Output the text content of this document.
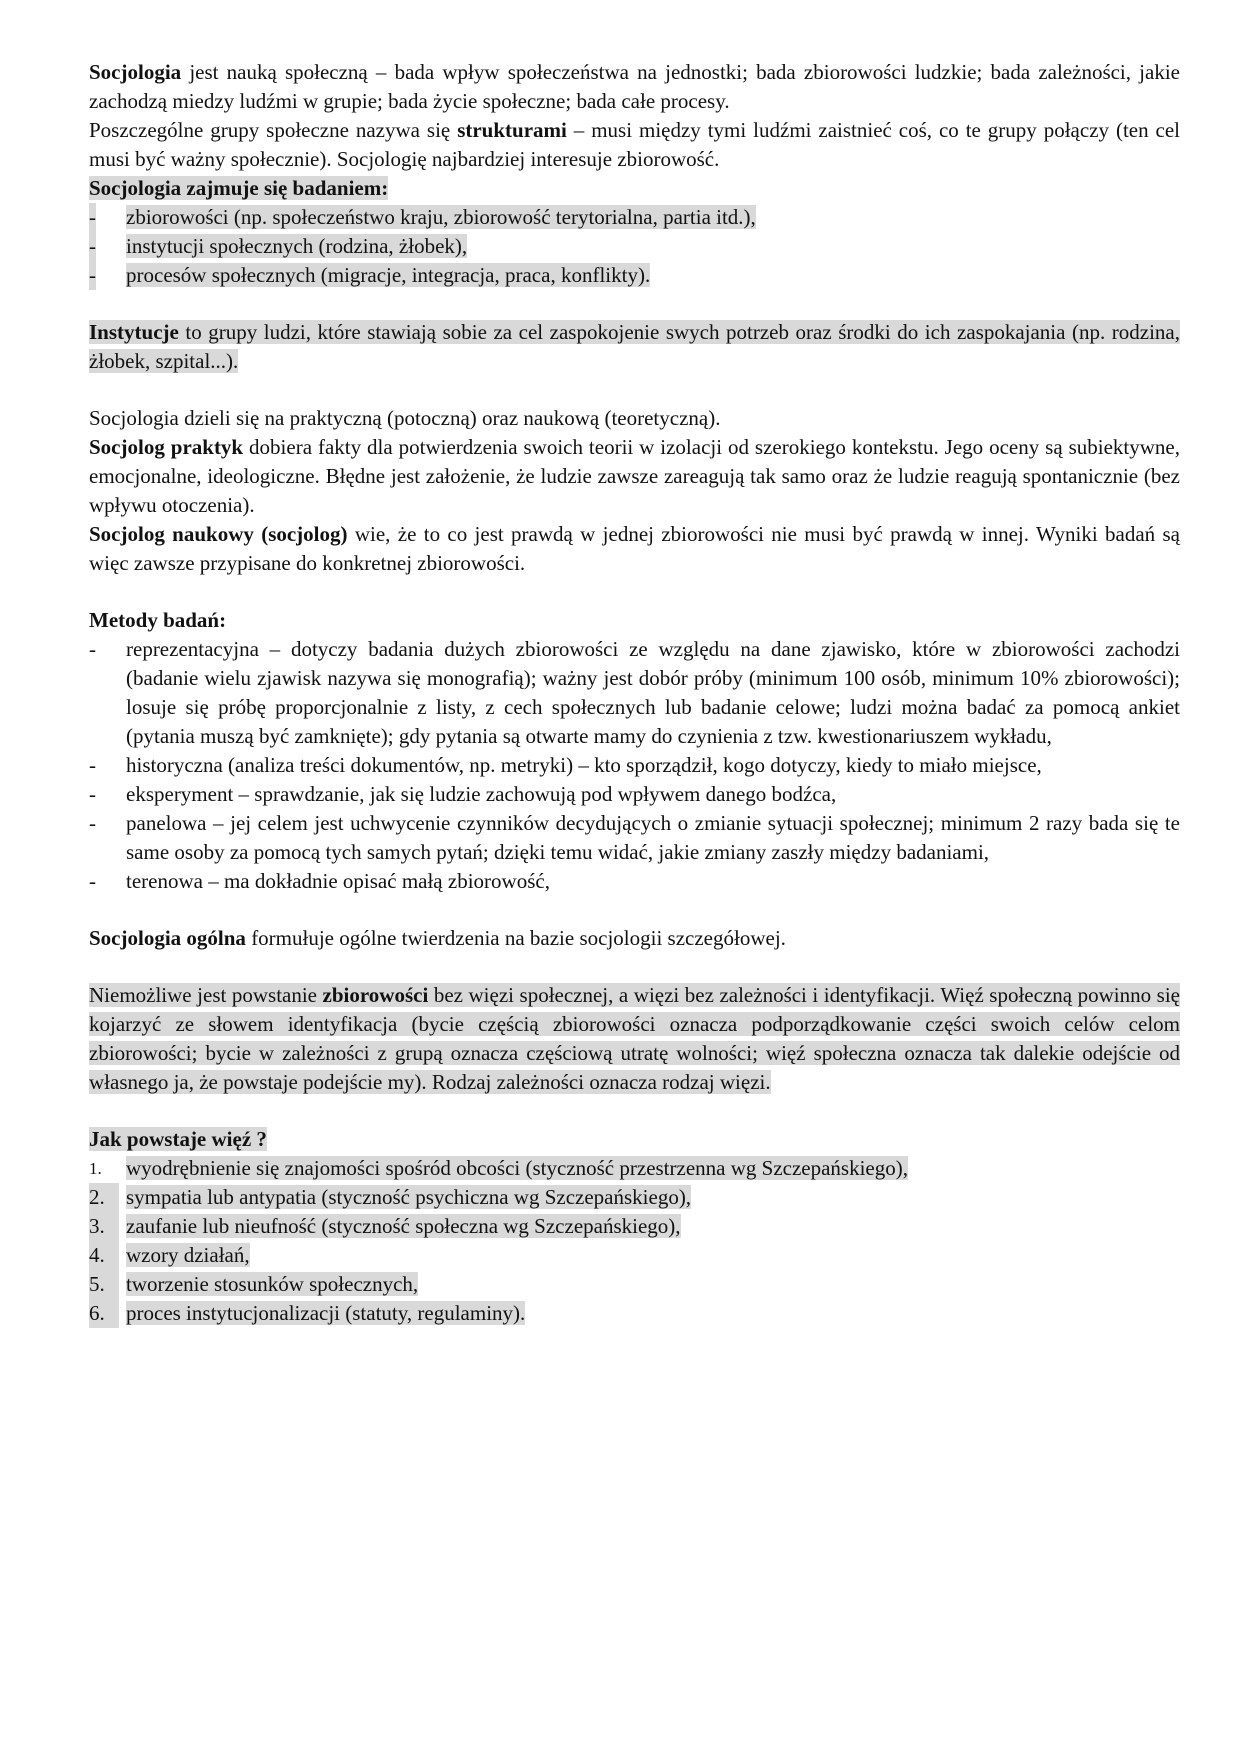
Socjologia jest nauką społeczną – bada wpływ społeczeństwa na jednostki; bada zbiorowości ludzkie; bada zależności, jakie zachodzą miedzy ludźmi w grupie; bada życie społeczne; bada całe procesy.

Poszczególne grupy społeczne nazywa się strukturami – musi między tymi ludźmi zaistnieć coś, co te grupy połączy (ten cel musi być ważny społecznie). Socjologię najbardziej interesuje zbiorowość.

Socjologia zajmuje się badaniem:

- zbiorowości (np. społeczeństwo kraju, zbiorowość terytorialna, partia itd.),
- instytucji społecznych (rodzina, żłobek),
- procesów społecznych (migracje, integracja, praca, konflikty).

Instytucje to grupy ludzi, które stawiają sobie za cel zaspokojenie swych potrzeb oraz środki do ich zaspokajania (np. rodzina, żłobek, szpital...).

Socjologia dzieli się na praktyczną (potoczną) oraz naukową (teoretyczną).

Socjolog praktyk dobiera fakty dla potwierdzenia swoich teorii w izolacji od szerokiego kontekstu. Jego oceny są subiektywne, emocjonalne, ideologiczne. Błędne jest założenie, że ludzie zawsze zareagują tak samo oraz że ludzie reagują spontanicznie (bez wpływu otoczenia).

Socjolog naukowy (socjolog) wie, że to co jest prawdą w jednej zbiorowości nie musi być prawdą w innej. Wyniki badań są więc zawsze przypisane do konkretnej zbiorowości.

Metody badań:

- reprezentacyjna – dotyczy badania dużych zbiorowości ze względu na dane zjawisko, które w zbiorowości zachodzi (badanie wielu zjawisk nazywa się monografią); ważny jest dobór próby (minimum 100 osób, minimum 10% zbiorowości); losuje się próbę proporcjonalnie z listy, z cech społecznych lub badanie celowe; ludzi można badać za pomocą ankiet (pytania muszą być zamknięte); gdy pytania są otwarte mamy do czynienia z tzw. kwestionariuszem wykładu,
- historyczna (analiza treści dokumentów, np. metryki) – kto sporządził, kogo dotyczy, kiedy to miało miejsce,
- eksperyment – sprawdzanie, jak się ludzie zachowują pod wpływem danego bodźca,
- panelowa – jej celem jest uchwycenie czynników decydujących o zmianie sytuacji społecznej; minimum 2 razy bada się te same osoby za pomocą tych samych pytań; dzięki temu widać, jakie zmiany zaszły między badaniami,
- terenowa – ma dokładnie opisać małą zbiorowość,

Socjologia ogólna formułuje ogólne twierdzenia na bazie socjologii szczegółowej.

Niemożliwe jest powstanie zbiorowości bez więzi społecznej, a więzi bez zależności i identyfikacji. Więź społeczną powinno się kojarzyć ze słowem identyfikacja (bycie częścią zbiorowości oznacza podporządkowanie części swoich celów celom zbiorowości; bycie w zależności z grupą oznacza częściową utratę wolności; więź społeczna oznacza tak dalekie odejście od własnego ja, że powstaje podejście my). Rodzaj zależności oznacza rodzaj więzi.

Jak powstaje więź ?

1.	wyodrębnienie się znajomości spośród obcości (styczność przestrzenna wg Szczepańskiego),
2.	sympatia lub antypatia (styczność psychiczna wg Szczepańskiego),
3.	zaufanie lub nieufność (styczność społeczna wg Szczepańskiego),
4.	wzory działań,
5.	tworzenie stosunków społecznych,
6.	proces instytucjonalizacji (statuty, regulaminy).
